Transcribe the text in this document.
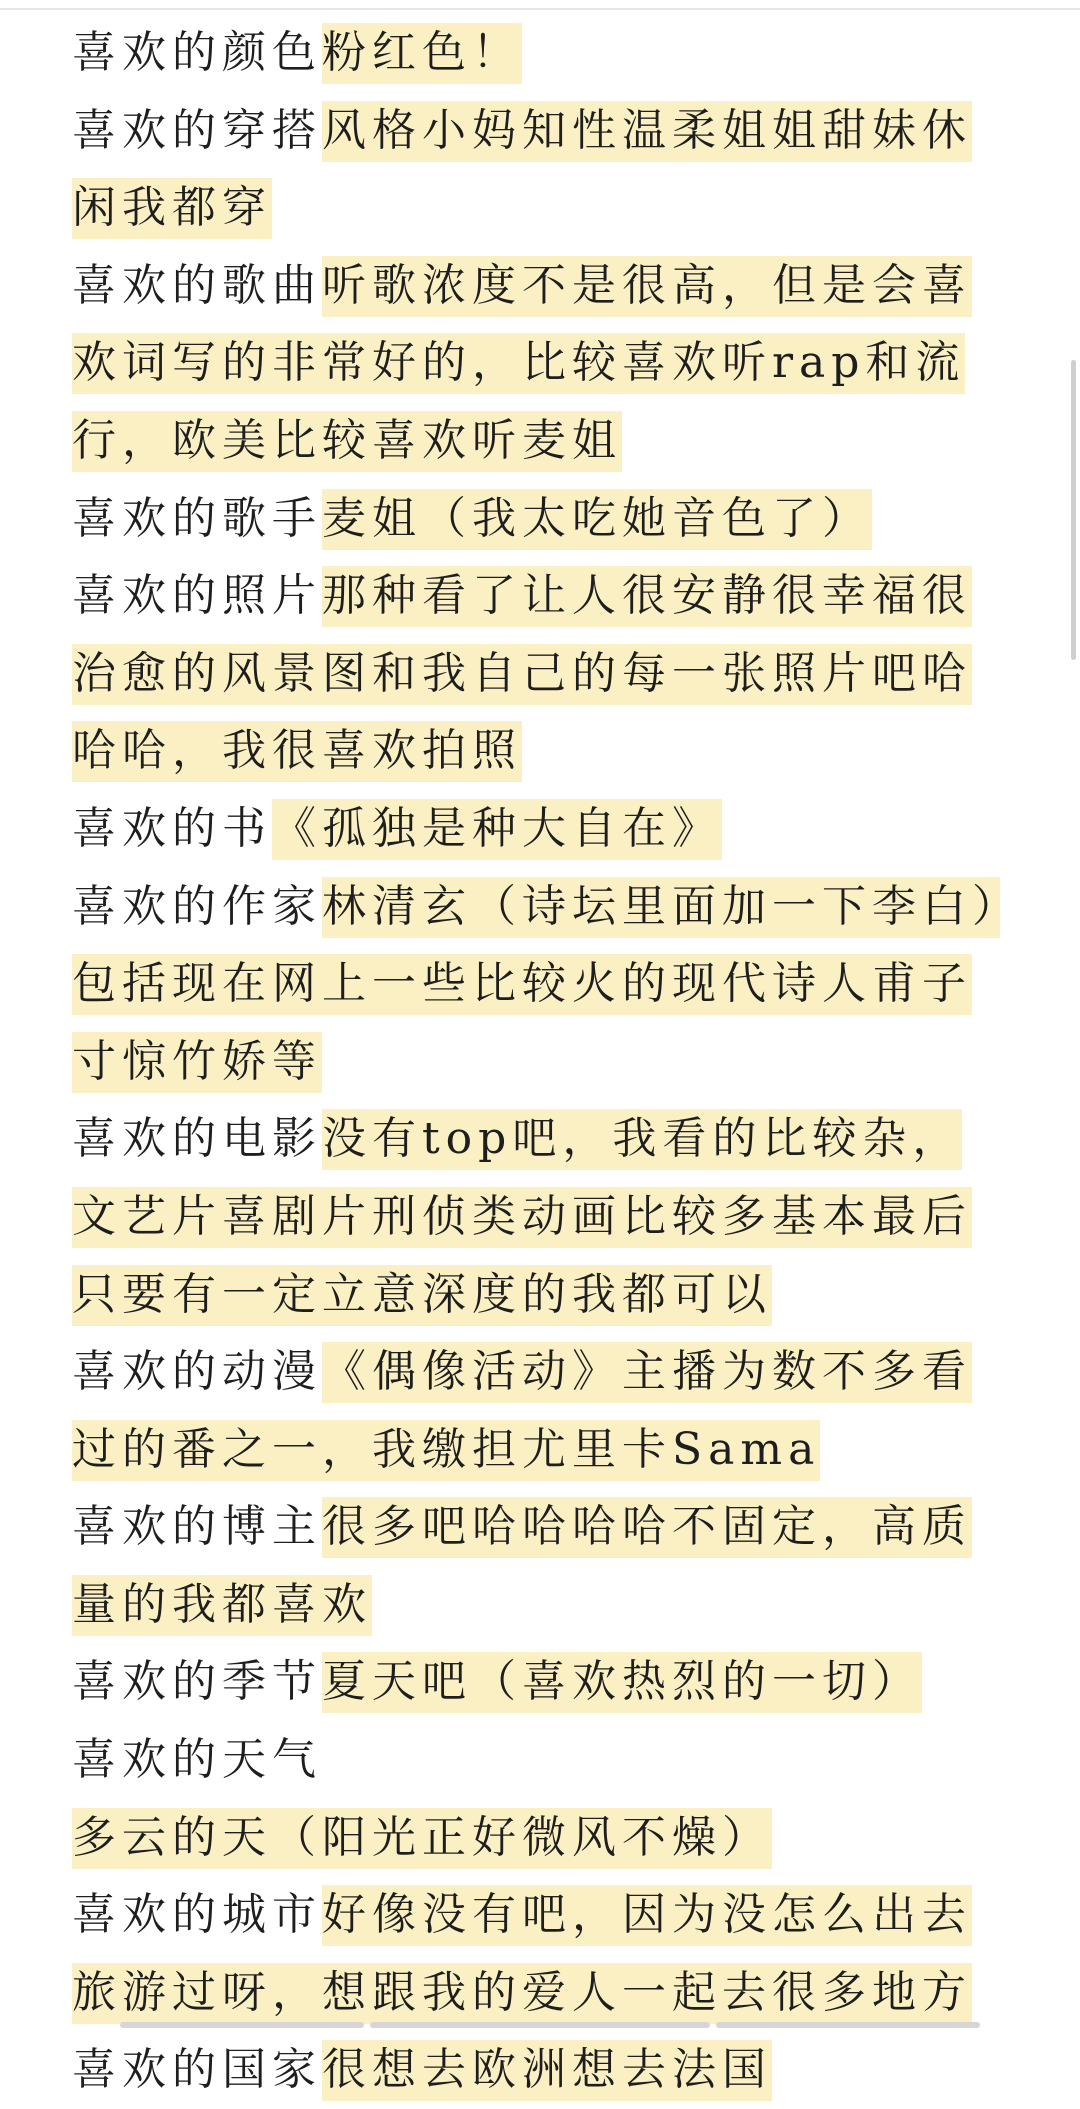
喜欢的颜色粉红色！

喜欢的穿搭风格小妈知性温柔姐姐甜妹休闲我都穿

喜欢的歌曲听歌浓度不是很高，但是会喜欢词写的非常好的，比较喜欢听rap和流行，欧美比较喜欢听麦姐

喜欢的歌手麦姐（我太吃她音色了）

喜欢的照片那种看了让人很安静很幸福很治愈的风景图和我自己的每一张照片吧哈哈哈，我很喜欢拍照

喜欢的书《孤独是种大自在》

喜欢的作家林清玄（诗坛里面加一下李白）包括现在网上一些比较火的现代诗人甫子寸惊竹娇等

喜欢的电影没有top吧，我看的比较杂，文艺片喜剧片刑侦类动画比较多基本最后只要有一定立意深度的我都可以

喜欢的动漫《偶像活动》主播为数不多看过的番之一，我缴担尤里卡Sama

喜欢的博主很多吧哈哈哈哈不固定，高质量的我都喜欢

喜欢的季节夏天吧（喜欢热烈的一切）

喜欢的天气多云的天（阳光正好微风不燥）

喜欢的城市好像没有吧，因为没怎么出去旅游过呀，想跟我的爱人一起去很多地方

喜欢的国家很想去欧洲想去法国
